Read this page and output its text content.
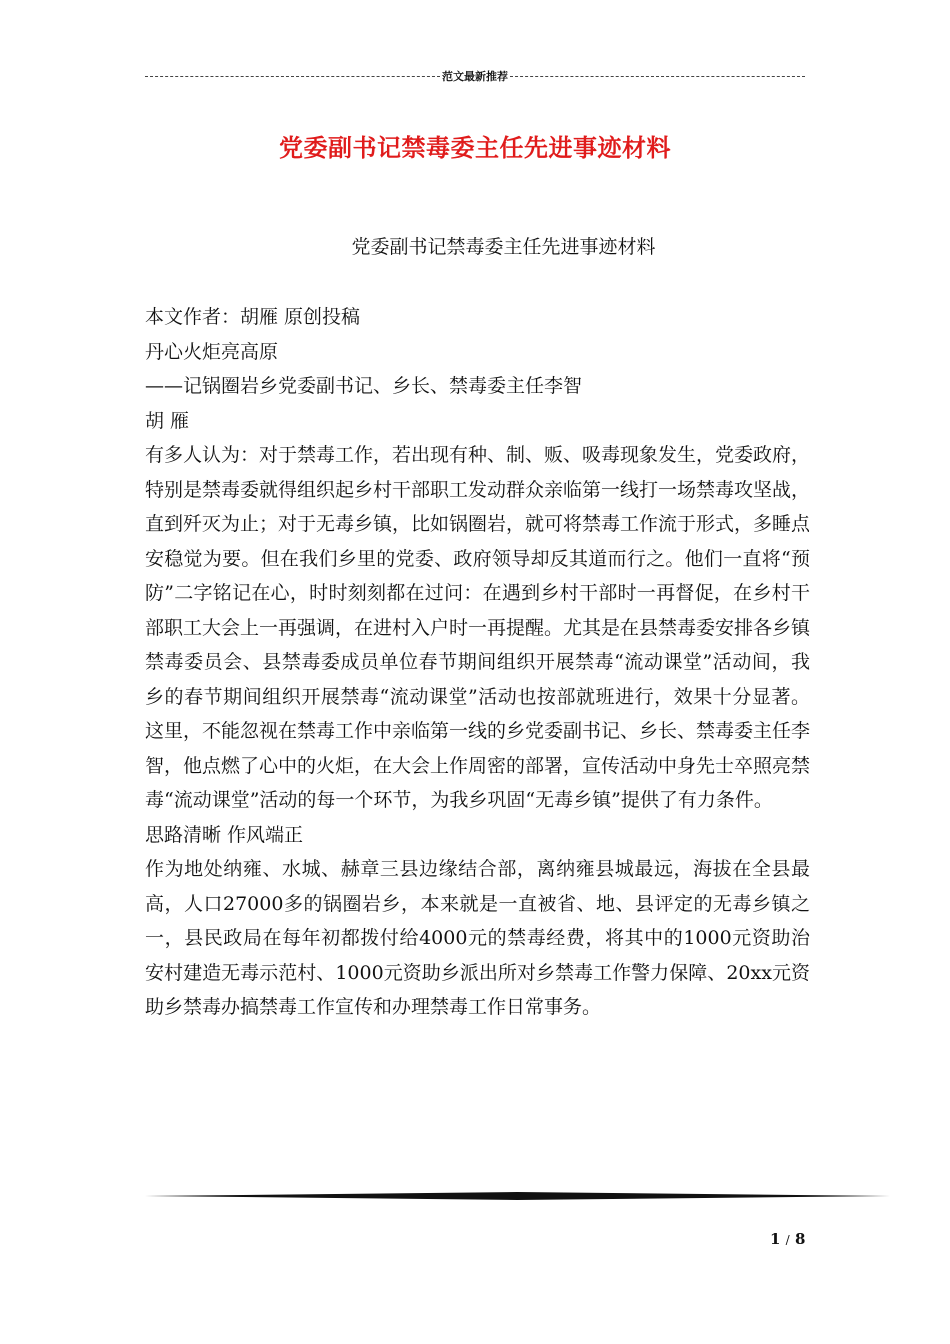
范文最新推荐
党委副书记禁毒委主任先进事迹材料
党委副书记禁毒委主任先进事迹材料

本文作者：胡雁 原创投稿

丹心火炬亮高原

——记锅圈岩乡党委副书记、乡长、禁毒委主任李智

胡 雁

有多人认为：对于禁毒工作，若出现有种、制、贩、吸毒现象发生，党委政府，特别是禁毒委就得组织起乡村干部职工发动群众亲临第一线打一场禁毒攻坚战，直到歼灭为止；对于无毒乡镇，比如锅圈岩，就可将禁毒工作流于形式，多睡点安稳觉为要。但在我们乡里的党委、政府领导却反其道而行之。他们一直将“预防”二字铭记在心，时时刻刻都在过问：在遇到乡村干部时一再督促，在乡村干部职工大会上一再强调，在进村入户时一再提醒。尤其是在县禁毒委安排各乡镇禁毒委员会、县禁毒委成员单位春节期间组织开展禁毒“流动课堂”活动间，我乡的春节期间组织开展禁毒“流动课堂”活动也按部就班进行，效果十分显著。这里，不能忽视在禁毒工作中亲临第一线的乡党委副书记、乡长、禁毒委主任李智，他点燃了心中的火炬，在大会上作周密的部署，宣传活动中身先士卒照亮禁毒“流动课堂”活动的每一个环节，为我乡巩固“无毒乡镇”提供了有力条件。

思路清晰 作风端正

作为地处纳雍、水城、赫章三县边缘结合部，离纳雍县城最远，海拔在全县最高，人口27000多的锅圈岩乡，本来就是一直被省、地、县评定的无毒乡镇之一，县民政局在每年初都拨付给4000元的禁毒经费，将其中的1000元资助治安村建造无毒示范村、1000元资助乡派出所对乡禁毒工作警力保障、20xx元资助乡禁毒办搞禁毒工作宣传和办理禁毒工作日常事务。

1 / 8
